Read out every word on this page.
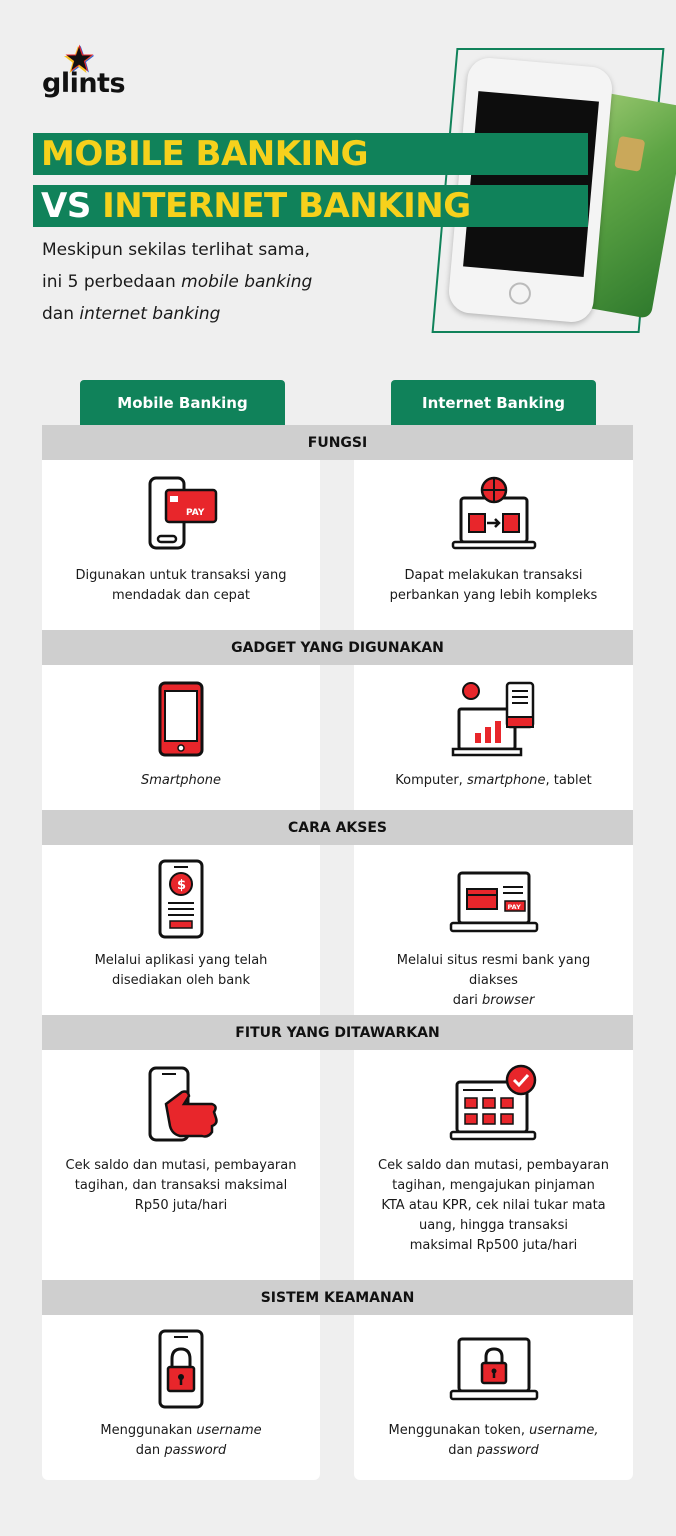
glints
MOBILE BANKING
VS INTERNET BANKING
Meskipun sekilas terlihat sama,
ini 5 perbedaan mobile banking
dan internet banking
Mobile Banking	Internet Banking
FUNGSI
PAY
Digunakan untuk transaksi yang
mendadak dan cepat
Dapat melakukan transaksi
perbankan yang lebih kompleks
GADGET YANG DIGUNAKAN
Smartphone	Komputer, smartphone, tablet
CARA AKSES
$
Melalui aplikasi yang telah
disediakan oleh bank
PAY
Melalui situs resmi bank yang diakses
dari browser
FITUR YANG DITAWARKAN
Cek saldo dan mutasi, pembayaran
tagihan, dan transaksi maksimal
Rp50 juta/hari
Cek saldo dan mutasi, pembayaran
tagihan, mengajukan pinjaman
KTA atau KPR, cek nilai tukar mata
uang, hingga transaksi
maksimal Rp500 juta/hari
SISTEM KEAMANAN
Menggunakan username
dan password
Menggunakan token, username,
dan password
